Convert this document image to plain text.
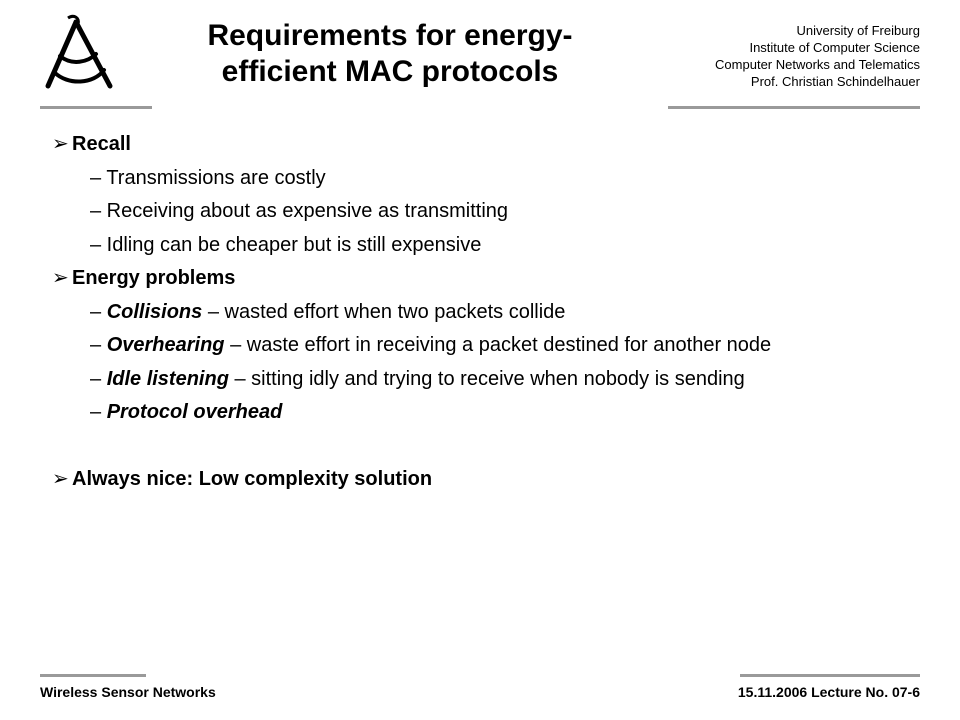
Requirements for energy-
efficient MAC protocols
University of Freiburg
Institute of Computer Science
Computer Networks and Telematics
Prof. Christian Schindelhauer
➢ Recall
– Transmissions are costly
– Receiving about as expensive as transmitting
– Idling can be cheaper but is still expensive
➢ Energy problems
– Collisions – wasted effort when two packets collide
– Overhearing – waste effort in receiving a packet destined for another node
– Idle listening – sitting idly and trying to receive when nobody is sending
– Protocol overhead
➢ Always nice: Low complexity solution
Wireless Sensor Networks	15.11.2006 Lecture No. 07-6
